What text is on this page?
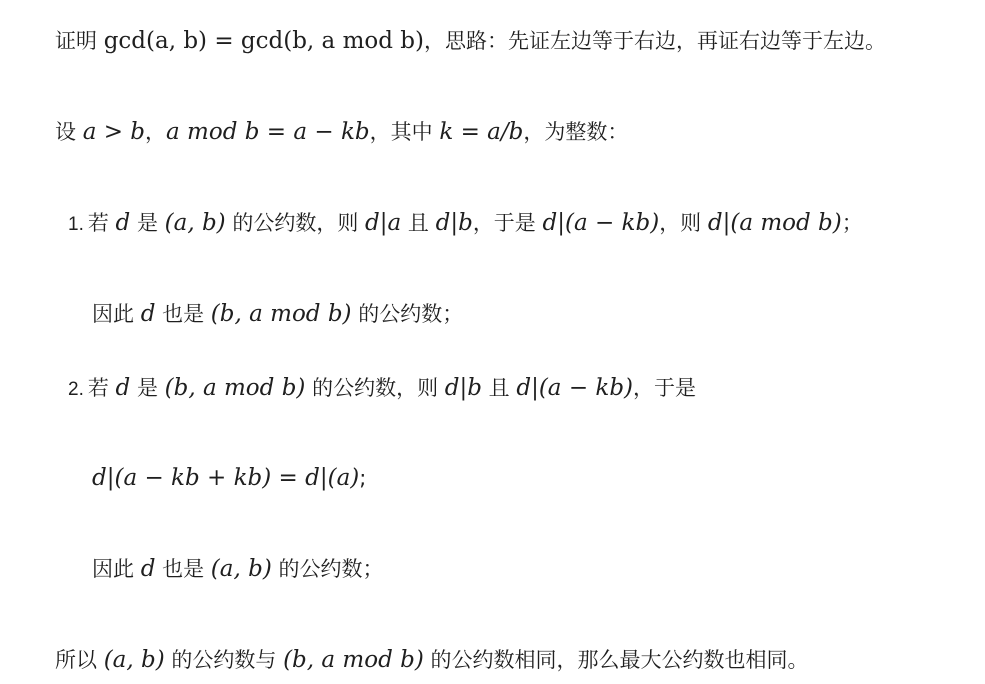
证明 gcd(a, b) = gcd(b, a mod b)，思路：先证左边等于右边，再证右边等于左边。
设 a > b，a mod b = a − kb，其中 k = a/b，为整数：
1. 若 d 是 (a, b) 的公约数，则 d|a 且 d|b，于是 d|(a − kb)，则 d|(a mod b)；
因此 d 也是 (b, a mod b) 的公约数；
2. 若 d 是 (b, a mod b) 的公约数，则 d|b 且 d|(a − kb)，于是
d|(a − kb + kb) = d|(a);
因此 d 也是 (a, b) 的公约数；
所以 (a, b) 的公约数与 (b, a mod b) 的公约数相同，那么最大公约数也相同。
